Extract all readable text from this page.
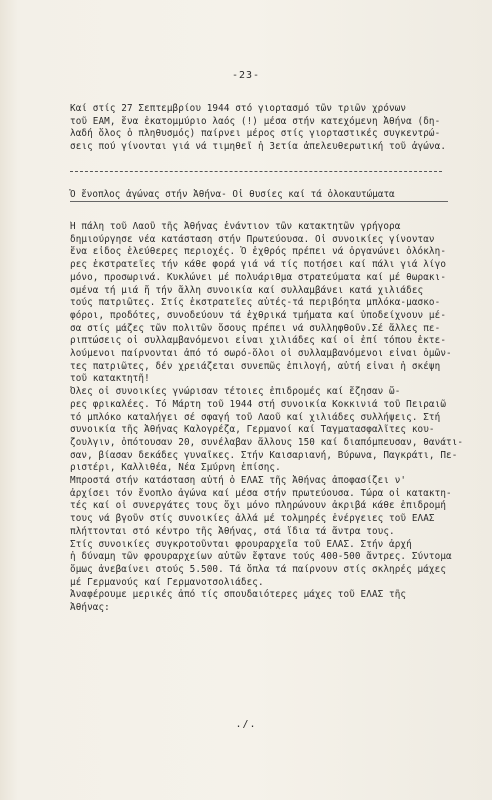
-23-
Καί στίς 27 Σεπτεμβρίου 1944 στό γιορτασμό τῶν τριῶν χρόνων
τοῦ ΕΑΜ, ἕνα ἑκατομμύριο λαός (!) μέσα στήν κατεχόμενη Ἀθήνα (δη-
λαδή ὅλος ὁ πληθυσμός) παίρνει μέρος στίς γιορταστικές συγκεντρώ-
σεις πού γίνονται γιά νά τιμηθεῖ ἡ 3ετία ἀπελευθερωτική τοῦ ἀγώνα.
Ὁ ἔνοπλος ἀγώνας στήν Ἀθήνα- Οἱ θυσίες καί τά ὁλοκαυτώματα
Ἡ πάλη τοῦ Λαοῦ τῆς Ἀθήνας ἐνάντιον τῶν κατακτητῶν γρήγορα
δημιούργησε νέα κατάσταση στήν Πρωτεύουσα. Οἱ συνοικίες γίνονταν
ἕνα εἶδος ἐλεύθερες περιοχές. Ὁ ἐχθρός πρέπει νά ὀργανώνει ὁλόκλη-
ρες ἐκστρατεῖες τήν κάθε φορά γιά νά τίς ποτήσει καί πάλι γιά λίγο
μόνο, προσωρινά. Κυκλώνει μέ πολυάριθμα στρατεύματα καί μέ θωρακι-
σμένα τή μιά ἤ τήν ἄλλη συνοικία καί συλλαμβάνει κατά χιλιάδες
τούς πατριῶτες. Στίς ἐκστρατεῖες αὐτές-τά περιβόητα μπλόκα-μασκο-
φόροι, προδότες, συνοδεύουν τά ἐχθρικά τμήματα καί ὑποδείχνουν μέ-
σα στίς μάζες τῶν πολιτῶν ὅσους πρέπει νά συλληφθοῦν.Σέ ἄλλες πε-
ριπτώσεις οἱ συλλαμβανόμενοι εἶναι χιλιάδες καί οἱ ἐπί τόπου ἐκτε-
λούμενοι παίρνονται ἀπό τό σωρό-ὅλοι οἱ συλλαμβανόμενοι εἶναι ὁμῶν-
τες πατριῶτες, δέν χρειάζεται συνεπῶς ἐπιλογή, αὐτή εἶναι ἡ σκέψη
τοῦ κατακτητῆ!
Ὅλες οἱ συνοικίες γνώρισαν τέτοιες ἐπιδρομές καί ἔζησαν ὤ-
ρες φρικαλέες. Τό Μάρτη τοῦ 1944 στή συνοικία Κοκκινιά τοῦ Πειραιῶ
τό μπλόκο καταλήγει σέ σφαγή τοῦ Λαοῦ καί χιλιάδες συλλήψεις. Στή
συνοικία τῆς Ἀθήνας Καλογρέζα, Γερμανοί καί Ταγματασφαλῖτες κου-
ζουλγιν, ὁπότουσαν 20, συνέλαβαν ἄλλους 150 καί διαπόμπευσαν, θανάτι-
σαν, βίασαν δεκάδες γυναῖκες. Στήν Καισαριανή, Βύρωνα, Παγκράτι, Πε-
ριστέρι, Καλλιθέα, Νέα Σμύρνη ἐπίσης.
Μπροστά στήν κατάσταση αὐτή ὁ ΕΛΑΣ τῆς Ἀθήνας ἀποφασίζει ν'
ἀρχίσει τόν ἔνοπλο ἀγώνα καί μέσα στήν πρωτεύουσα. Τώρα οἱ κατακτη-
τές καί οἱ συνεργάτες τους ὄχι μόνο πληρώνουν ἀκριβά κάθε ἐπιδρομή
τους νά βγοῦν στίς συνοικίες ἀλλά μέ τολμηρές ἐνέργειες τοῦ ΕΛΑΣ
πλήττονται στό κέντρο τῆς Ἀθήνας, στά ἴδια τά ἄντρα τους.
Στίς συνοικίες συγκροτοῦνται φρουραρχεῖα τοῦ ΕΛΑΣ. Στήν ἀρχή
ἡ δύναμη τῶν φρουραρχείων αὐτῶν ἔφτανε τούς 400-500 ἄντρες. Σύντομα
ὅμως ἀνεβαίνει στούς 5.500. Τά ὅπλα τά παίρνουν στίς σκληρές μάχες
μέ Γερμανούς καί Γερμανοτσολιάδες.
Ἀναφέρουμε μερικές ἀπό τίς σπουδαιότερες μάχες τοῦ ΕΛΑΣ τῆς
Ἀθήνας:
./.
